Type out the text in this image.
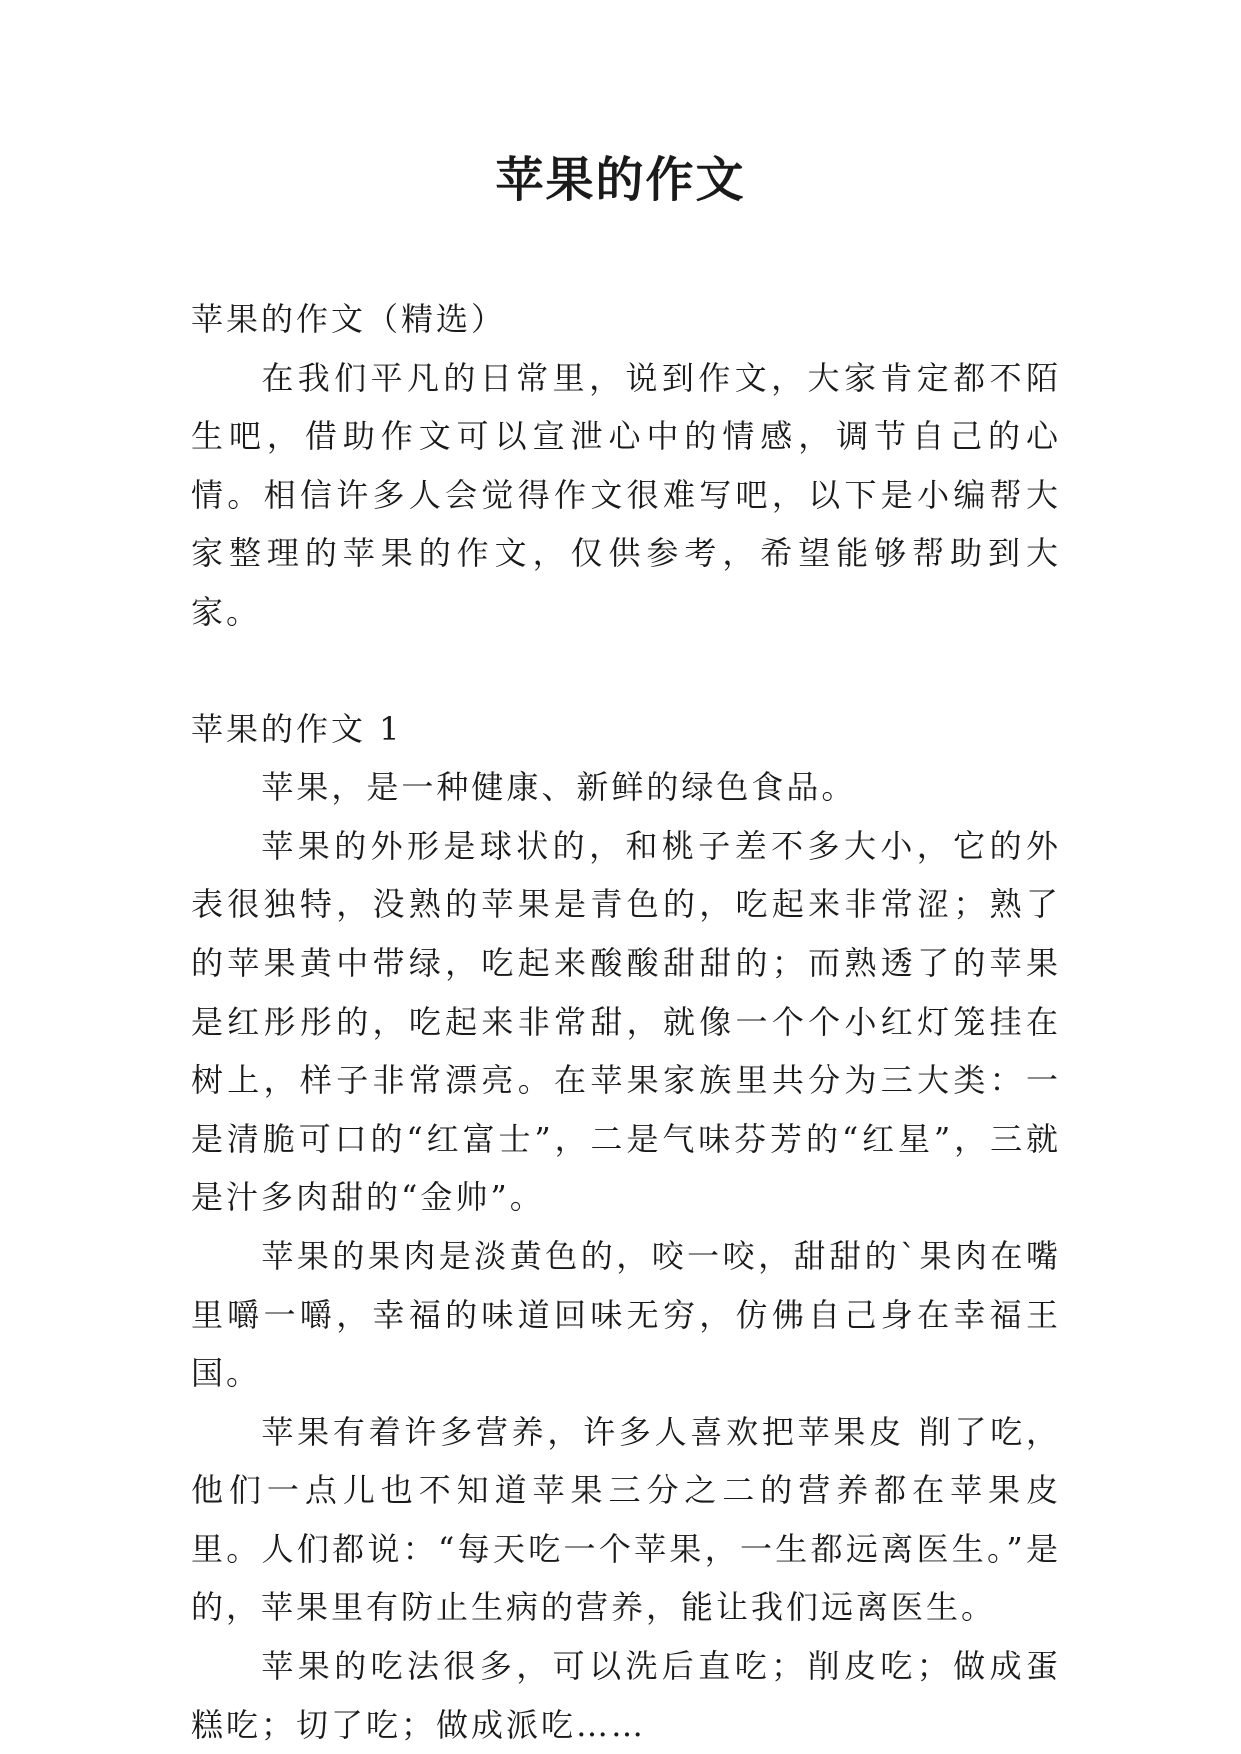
苹果的作文

苹果的作文（精选）

在我们平凡的日常里，说到作文，大家肯定都不陌生吧，借助作文可以宣泄心中的情感，调节自己的心情。相信许多人会觉得作文很难写吧，以下是小编帮大家整理的苹果的作文，仅供参考，希望能够帮助到大家。

苹果的作文 1

苹果，是一种健康、新鲜的绿色食品。

苹果的外形是球状的，和桃子差不多大小，它的外表很独特，没熟的苹果是青色的，吃起来非常涩；熟了的苹果黄中带绿，吃起来酸酸甜甜的；而熟透了的苹果是红彤彤的，吃起来非常甜，就像一个个小红灯笼挂在树上，样子非常漂亮。在苹果家族里共分为三大类：一是清脆可口的“红富士”，二是气味芬芳的“红星”，三就是汁多肉甜的“金帅”。

苹果的果肉是淡黄色的，咬一咬，甜甜的`果肉在嘴里嚼一嚼，幸福的味道回味无穷，仿佛自己身在幸福王国。

苹果有着许多营养，许多人喜欢把苹果皮 削了吃，他们一点儿也不知道苹果三分之二的营养都在苹果皮里。人们都说：“每天吃一个苹果，一生都远离医生。”是的，苹果里有防止生病的营养，能让我们远离医生。

苹果的吃法很多，可以洗后直吃；削皮吃；做成蛋糕吃；切了吃；做成派吃……
